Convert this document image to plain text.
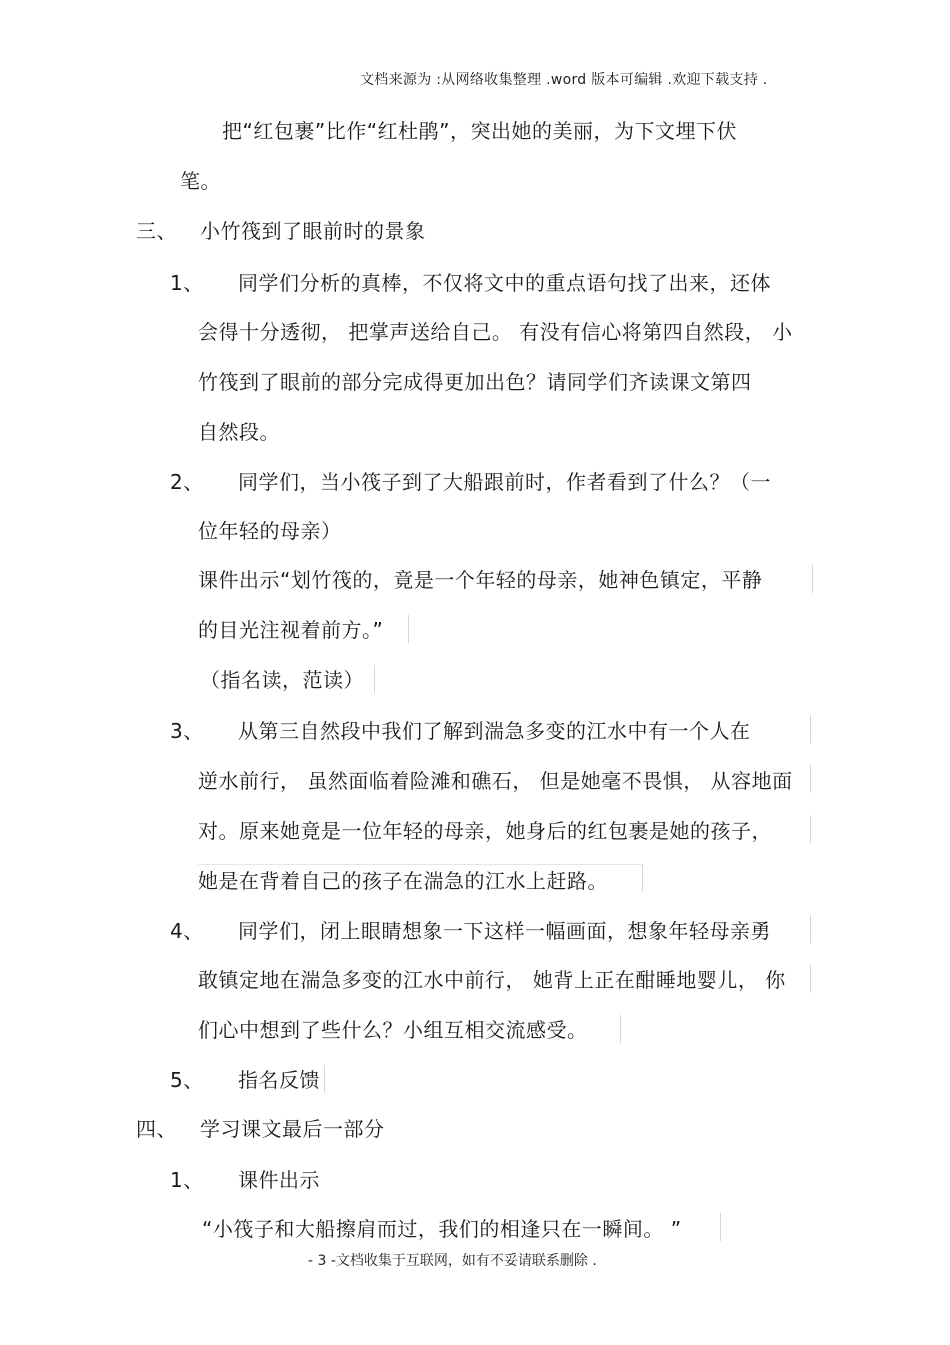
文档来源为 :从网络收集整理 .word 版本可编辑 .欢迎下载支持 .
把“红包裹”比作“红杜鹃”，突出她的美丽，为下文埋下伏
笔。
三、 小竹筏到了眼前时的景象
1、 同学们分析的真棒，不仅将文中的重点语句找了出来，还体
会得十分透彻， 把掌声送给自己。 有没有信心将第四自然段， 小
竹筏到了眼前的部分完成得更加出色？请同学们齐读课文第四
自然段。
2、 同学们，当小筏子到了大船跟前时，作者看到了什么？（一
位年轻的母亲）
课件出示“划竹筏的，竟是一个年轻的母亲，她神色镇定，平静
的目光注视着前方。”
（指名读，范读）
3、 从第三自然段中我们了解到湍急多变的江水中有一个人在
逆水前行， 虽然面临着险滩和礁石， 但是她毫不畏惧， 从容地面
对。原来她竟是一位年轻的母亲，她身后的红包裹是她的孩子，
她是在背着自己的孩子在湍急的江水上赶路。
4、 同学们，闭上眼睛想象一下这样一幅画面，想象年轻母亲勇
敢镇定地在湍急多变的江水中前行， 她背上正在酣睡地婴儿， 你
们心中想到了些什么？小组互相交流感受。
5、 指名反馈
四、 学习课文最后一部分
1、 课件出示
“小筏子和大船擦肩而过，我们的相逢只在一瞬间。 ”
- 3 -文档收集于互联网，如有不妥请联系删除 .
